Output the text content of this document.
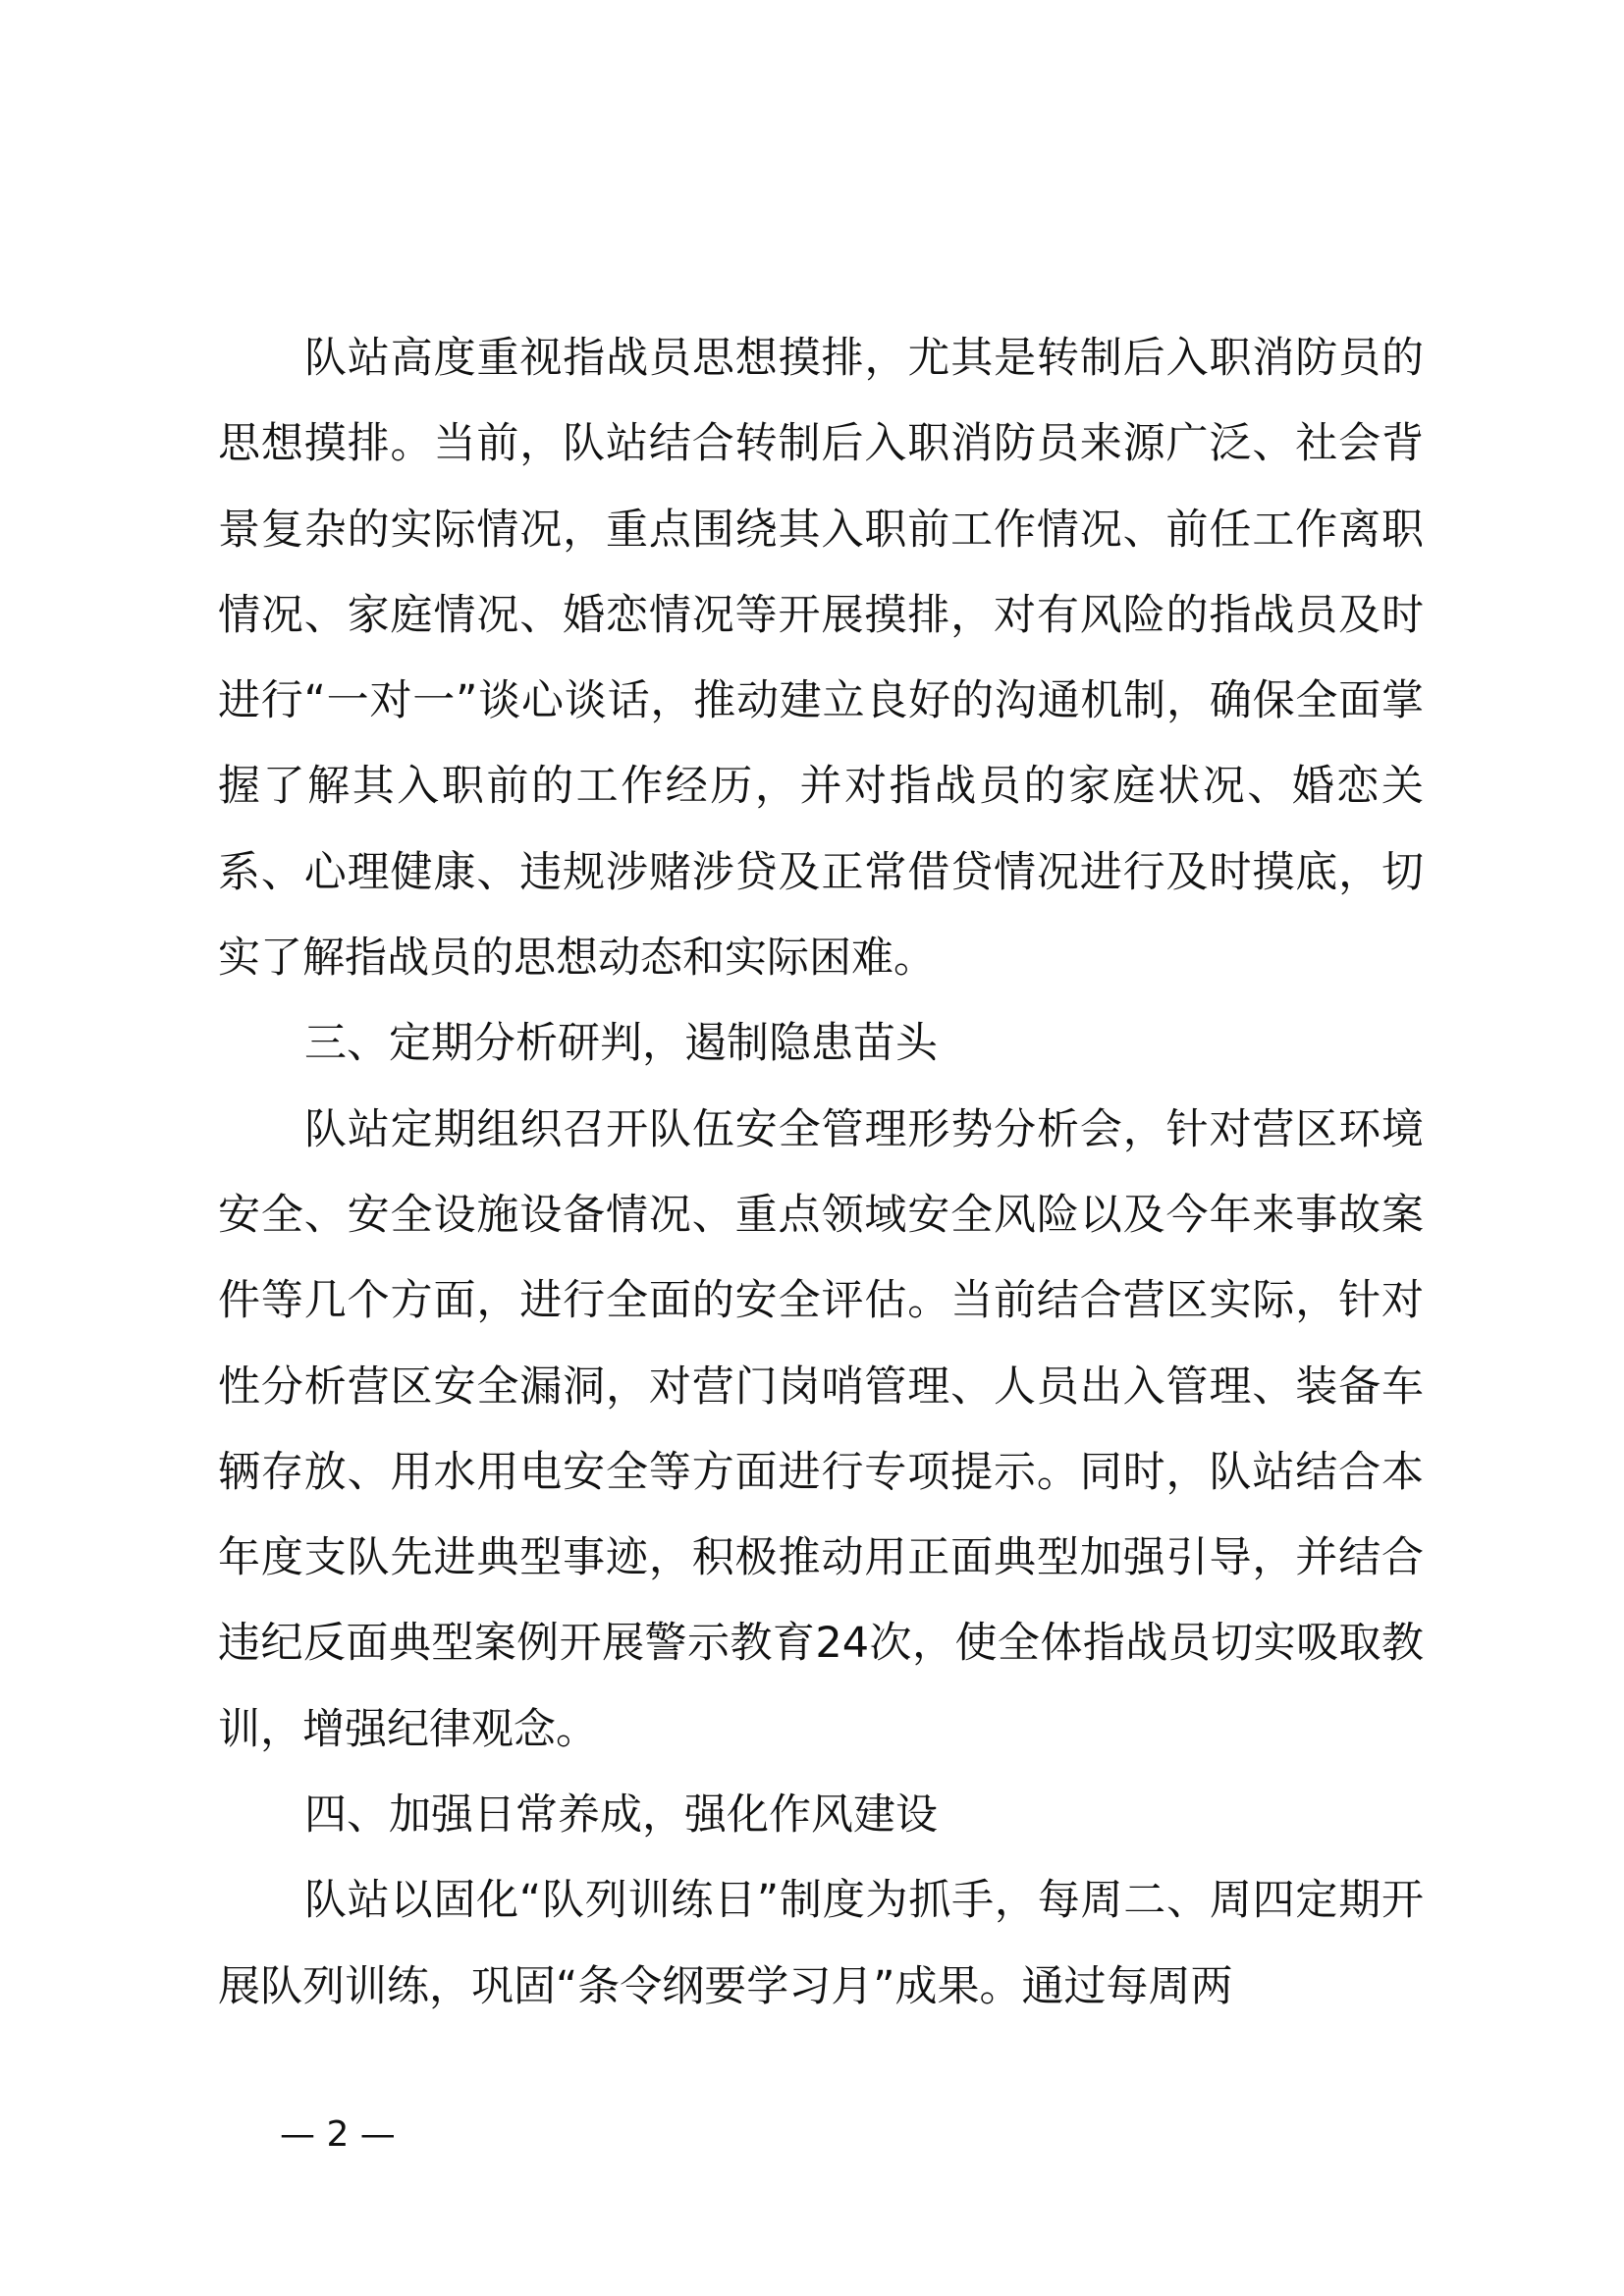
队站高度重视指战员思想摸排，尤其是转制后入职消防员的思想摸排。当前，队站结合转制后入职消防员来源广泛、社会背景复杂的实际情况，重点围绕其入职前工作情况、前任工作离职情况、家庭情况、婚恋情况等开展摸排，对有风险的指战员及时进行“一对一”谈心谈话，推动建立良好的沟通机制，确保全面掌握了解其入职前的工作经历，并对指战员的家庭状况、婚恋关系、心理健康、违规涉赌涉贷及正常借贷情况进行及时摸底，切实了解指战员的思想动态和实际困难。

三、定期分析研判，遏制隐患苗头

队站定期组织召开队伍安全管理形势分析会，针对营区环境安全、安全设施设备情况、重点领域安全风险以及今年来事故案件等几个方面，进行全面的安全评估。当前结合营区实际，针对性分析营区安全漏洞，对营门岗哨管理、人员出入管理、装备车辆存放、用水用电安全等方面进行专项提示。同时，队站结合本年度支队先进典型事迹，积极推动用正面典型加强引导，并结合违纪反面典型案例开展警示教育24次，使全体指战员切实吸取教训，增强纪律观念。

四、加强日常养成，强化作风建设

队站以固化“队列训练日”制度为抓手，每周二、周四定期开展队列训练，巩固“条令纲要学习月”成果。通过每周两

— 2 —
